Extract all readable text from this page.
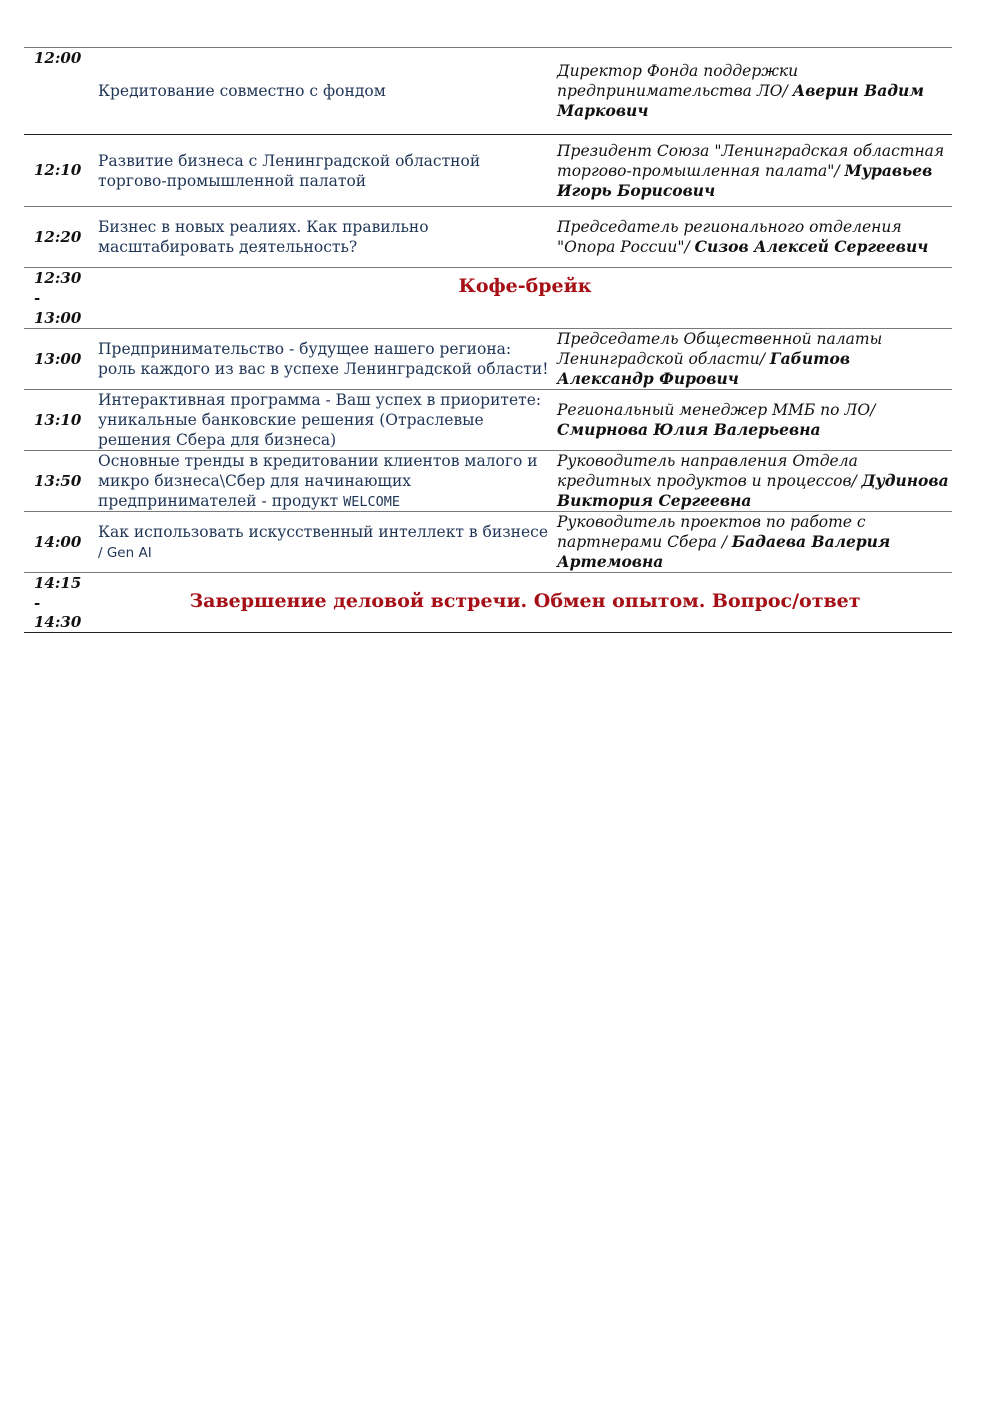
12:00
Кредитование совместно с фондом
Директор Фонда поддержки предпринимательства ЛО/ Аверин Вадим Маркович
12:10
Развитие бизнеса с Ленинградской областной торгово-промышленной палатой
Президент Союза "Ленинградская областная торгово-промышленная палата"/ Муравьев Игорь Борисович
12:20
Бизнес в новых реалиях. Как правильно масштабировать деятельность?
Председатель регионального отделения "Опора России"/ Сизов Алексей Сергеевич
12:30
-
13:00
Кофе-брейк
13:00
Предпринимательство - будущее нашего региона: роль каждого из вас в успехе Ленинградской области!
Председатель Общественной палаты Ленинградской области/ Габитов Александр Фирович
13:10
Интерактивная программа - Ваш успех в приоритете: уникальные банковские решения (Отраслевые решения Сбера для бизнеса)
Региональный менеджер ММБ по ЛО/ Смирнова Юлия Валерьевна
13:50
Основные тренды в кредитовании клиентов малого и микро бизнеса\Сбер для начинающих предпринимателей - продукт WELCOME
Руководитель направления Отдела кредитных продуктов и процессов/ Дудинова Виктория Сергеевна
14:00
Как использовать искусственный интеллект в бизнесе / Gen AI
Руководитель проектов по работе с партнерами Сбера / Бадаева Валерия Артемовна
14:15
-
14:30
Завершение деловой встречи. Обмен опытом. Вопрос/ответ
